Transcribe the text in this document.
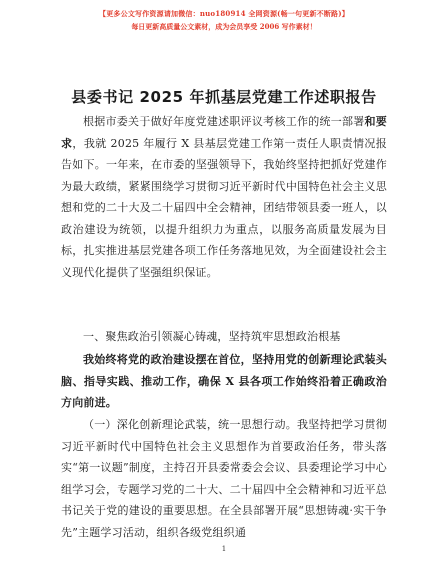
【更多公文写作资源请加微信：nuo180914 全网资源(畅一句更新不断路)】
每日更新高质量公文素材，成为会员享受 2006 写作素材！
县委书记 2025 年抓基层党建工作述职报告
根据市委关于做好年度党建述职评议考核工作的统一部署和要求，我就 2025 年履行 X 县基层党建工作第一责任人职责情况报告如下。一年来，在市委的坚强领导下，我始终坚持把抓好党建作为最大政绩，紧紧围绕学习贯彻习近平新时代中国特色社会主义思想和党的二十大及二十届四中全会精神，团结带领县委一班人，以政治建设为统领，以提升组织力为重点，以服务高质量发展为目标，扎实推进基层党建各项工作任务落地见效，为全面建设社会主义现代化提供了坚强组织保证。
一、聚焦政治引领凝心铸魂，坚持筑牢思想政治根基
我始终将党的政治建设摆在首位，坚持用党的创新理论武装头脑、指导实践、推动工作，确保 X 县各项工作始终沿着正确政治方向前进。
（一）深化创新理论武装，统一思想行动。我坚持把学习贯彻习近平新时代中国特色社会主义思想作为首要政治任务，带头落实“第一议题”制度，主持召开县委常委会会议、县委理论学习中心组学习会，专题学习党的二十大、二十届四中全会精神和习近平总书记关于党的建设的重要思想。在全县部署开展“思想铸魂·实干争先”主题学习活动，组织各级党组织通
1
